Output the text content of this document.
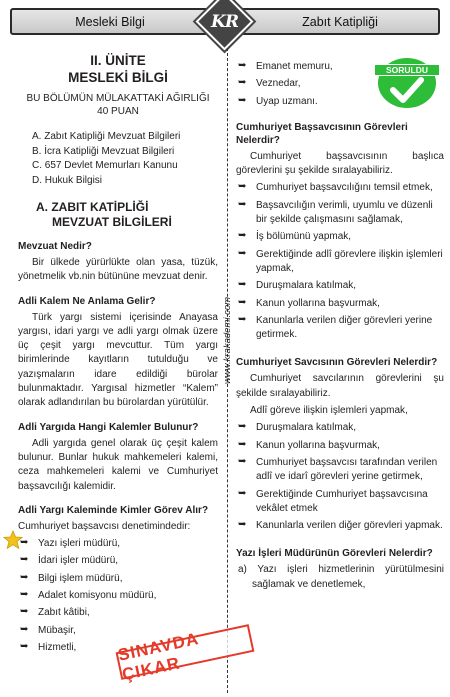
Mesleki Bilgi	Zabıt Katipliği
KR
www.krakademi.com
II. ÜNİTE
MESLEKİ BİLGİ
BU BÖLÜMÜN MÜLAKATTAKİ AĞIRLIĞI
40 PUAN
A. Zabıt Katipliği Mevzuat Bilgileri
B. İcra Katipliği Mevzuat Bilgileri
C. 657 Devlet Memurları Kanunu
D. Hukuk Bilgisi
A. ZABIT KATİPLİĞİ
MEVZUAT BİLGİLERİ
Mevzuat Nedir?
Bir ülkede yürürlükte olan yasa, tüzük, yönetmelik vb.nin bütününe mevzuat denir.
Adli Kalem Ne Anlama Gelir?
Türk yargı sistemi içerisinde Anayasa yargısı, idari yargı ve adli yargı olmak üzere üç çeşit yargı mevcuttur. Tüm yargı birimlerinde kayıtların tutulduğu ve yazışmaların idare edildiği bürolar bulunmaktadır. Yargısal hizmetler “Kalem” olarak adlandırılan bu bürolardan yürütülür.
Adli Yargıda Hangi Kalemler Bulunur?
Adli yargıda genel olarak üç çeşit kalem bulunur. Bunlar hukuk mahkemeleri kalemi, ceza mahkemeleri kalemi ve Cumhuriyet başsavcılığı kalemidir.
Adli Yargı Kaleminde Kimler Görev Alır?
Cumhuriyet başsavcısı denetimindedir:
➥ Yazı işleri müdürü,
➥ İdari işler müdürü,
➥ Bilgi işlem müdürü,
➥ Adalet komisyonu müdürü,
➥ Zabıt kâtibi,
➥ Mübaşir,
➥ Hizmetli,
➥ Emanet memuru,
➥ Veznedar,
➥ Uyap uzmanı.
Cumhuriyet Başsavcısının Görevleri Nelerdir?
Cumhuriyet başsavcısının başlıca görevlerini şu şekilde sıralayabiliriz.
➥ Cumhuriyet başsavcılığını temsil etmek,
➥ Başsavcılığın verimli, uyumlu ve düzenli bir şekilde çalışmasını sağlamak,
➥ İş bölümünü yapmak,
➥ Gerektiğinde adlî görevlere ilişkin işlemleri yapmak,
➥ Duruşmalara katılmak,
➥ Kanun yollarına başvurmak,
➥ Kanunlarla verilen diğer görevleri yerine getirmek.
Cumhuriyet Savcısının Görevleri Nelerdir?
Cumhuriyet savcılarının görevlerini şu şekilde sıralayabiliriz.
Adlî göreve ilişkin işlemleri yapmak,
➥ Duruşmalara katılmak,
➥ Kanun yollarına başvurmak,
➥ Cumhuriyet başsavcısı tarafından verilen adlî ve idarî görevleri yerine getirmek,
➥ Gerektiğinde Cumhuriyet başsavcısına vekâlet etmek
➥ Kanunlarla verilen diğer görevleri yapmak.
Yazı İşleri Müdürünün Görevleri Nelerdir?
a) Yazı işleri hizmetlerinin yürütülmesini sağlamak ve denetlemek,
SORULDU
SINAVDA ÇIKAR
